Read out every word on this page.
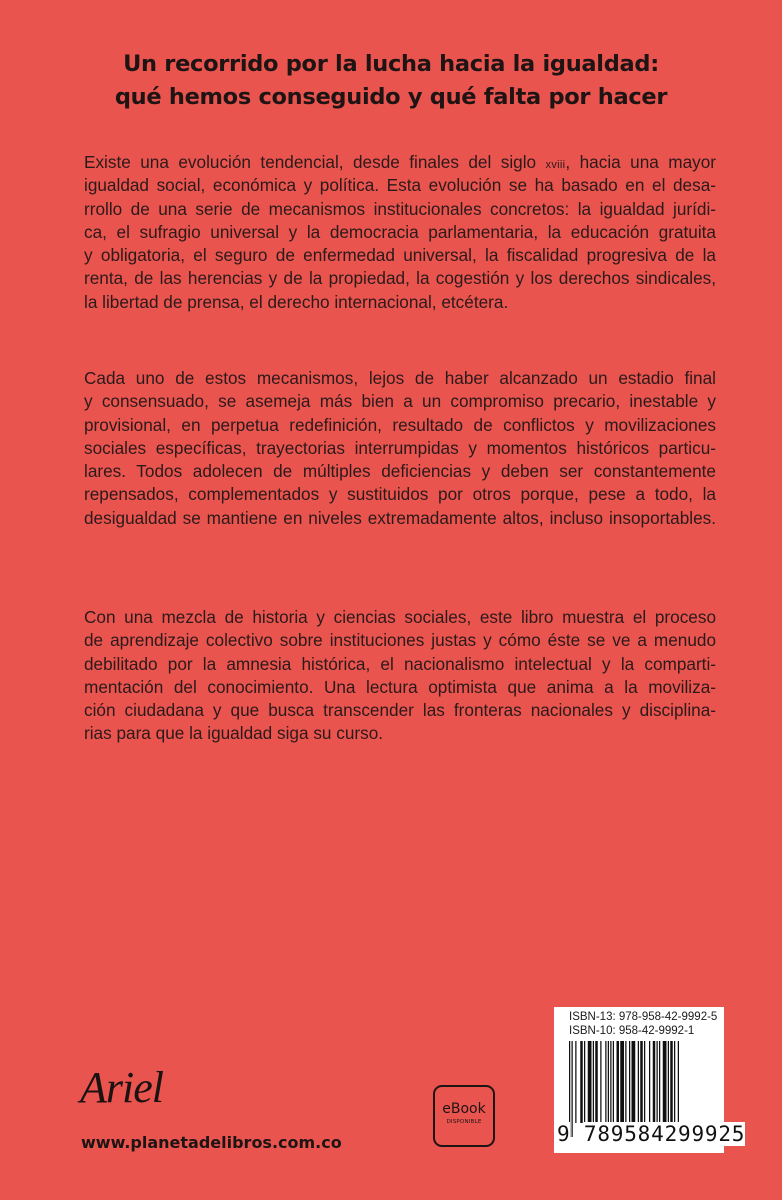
Un recorrido por la lucha hacia la igualdad:
qué hemos conseguido y qué falta por hacer
Existe una evolución tendencial, desde finales del siglo xviii, hacia una mayor
igualdad social, económica y política. Esta evolución se ha basado en el desa-
rrollo de una serie de mecanismos institucionales concretos: la igualdad jurídi-
ca, el sufragio universal y la democracia parlamentaria, la educación gratuita
y obligatoria, el seguro de enfermedad universal, la fiscalidad progresiva de la
renta, de las herencias y de la propiedad, la cogestión y los derechos sindicales,
la libertad de prensa, el derecho internacional, etcétera.
Cada uno de estos mecanismos, lejos de haber alcanzado un estadio final
y consensuado, se asemeja más bien a un compromiso precario, inestable y
provisional, en perpetua redefinición, resultado de conflictos y movilizaciones
sociales específicas, trayectorias interrumpidas y momentos históricos particu-
lares. Todos adolecen de múltiples deficiencias y deben ser constantemente
repensados, complementados y sustituidos por otros porque, pese a todo, la
desigualdad se mantiene en niveles extremadamente altos, incluso insoportables.
Con una mezcla de historia y ciencias sociales, este libro muestra el proceso
de aprendizaje colectivo sobre instituciones justas y cómo éste se ve a menudo
debilitado por la amnesia histórica, el nacionalismo intelectual y la comparti-
mentación del conocimiento. Una lectura optimista que anima a la moviliza-
ción ciudadana y que busca transcender las fronteras nacionales y disciplina-
rias para que la igualdad siga su curso.
Ariel
www.planetadelibros.com.co
eBook
DISPONIBLE
ISBN-13: 978-958-42-9992-5
ISBN-10: 958-42-9992-1
9 789584299925
